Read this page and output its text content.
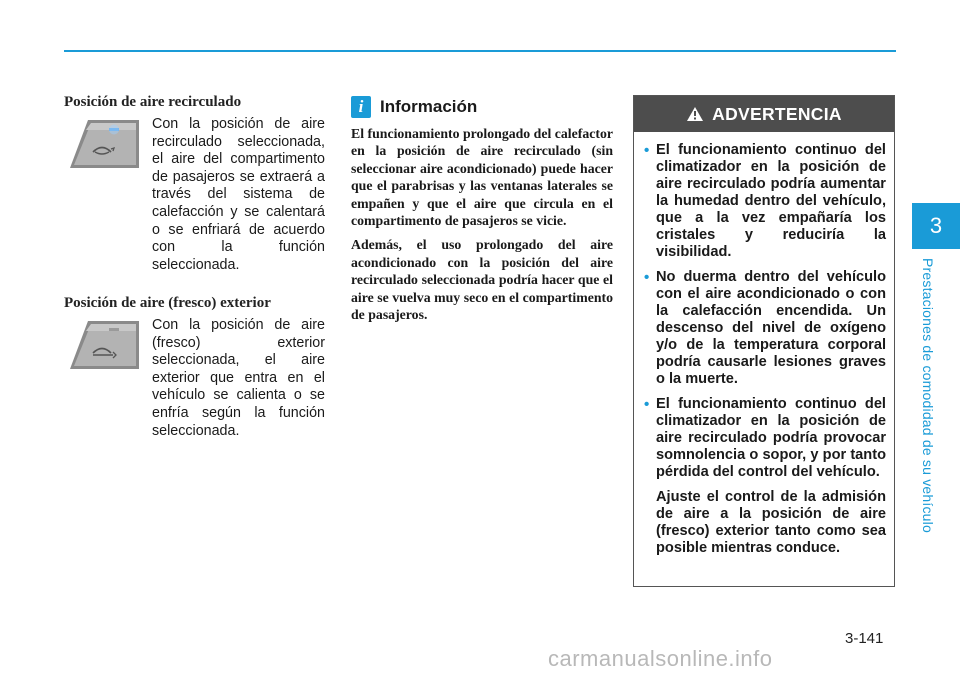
3
Prestaciones de comodidad de su vehículo
Posición de aire recirculado
Con la posición de aire recirculado seleccionada, el aire del compartimento de pasajeros se extraerá a través del sistema de calefacción y se calentará o se enfriará de acuerdo con la función seleccionada.
Posición de aire (fresco) exterior
Con la posición de aire (fresco) exterior seleccionada, el aire exterior que entra en el vehículo se calienta o se enfría según la función seleccionada.
i Información

El funcionamiento prolongado del calefactor en la posición de aire recirculado (sin seleccionar aire acondicionado) puede hacer que el parabrisas y las ventanas laterales se empañen y que el aire que circula en el compartimento de pasajeros se vicie.

Además, el uso prolongado del aire acondicionado con la posición del aire recirculado seleccionada podría hacer que el aire se vuelva muy seco en el compartimento de pasajeros.

ADVERTENCIA
• El funcionamiento continuo del climatizador en la posición de aire recirculado podría aumentar la humedad dentro del vehículo, que a la vez empañaría los cristales y reduciría la visibilidad.
• No duerma dentro del vehículo con el aire acondicionado o con la calefacción encendida. Un descenso del nivel de oxígeno y/o de la temperatura corporal podría causarle lesiones graves o la muerte.
• El funcionamiento continuo del climatizador en la posición de aire recirculado podría provocar somnolencia o sopor, y por tanto pérdida del control del vehículo.
Ajuste el control de la admisión de aire a la posición de aire (fresco) exterior tanto como sea posible mientras conduce.
3-141
carmanualsonline.info
